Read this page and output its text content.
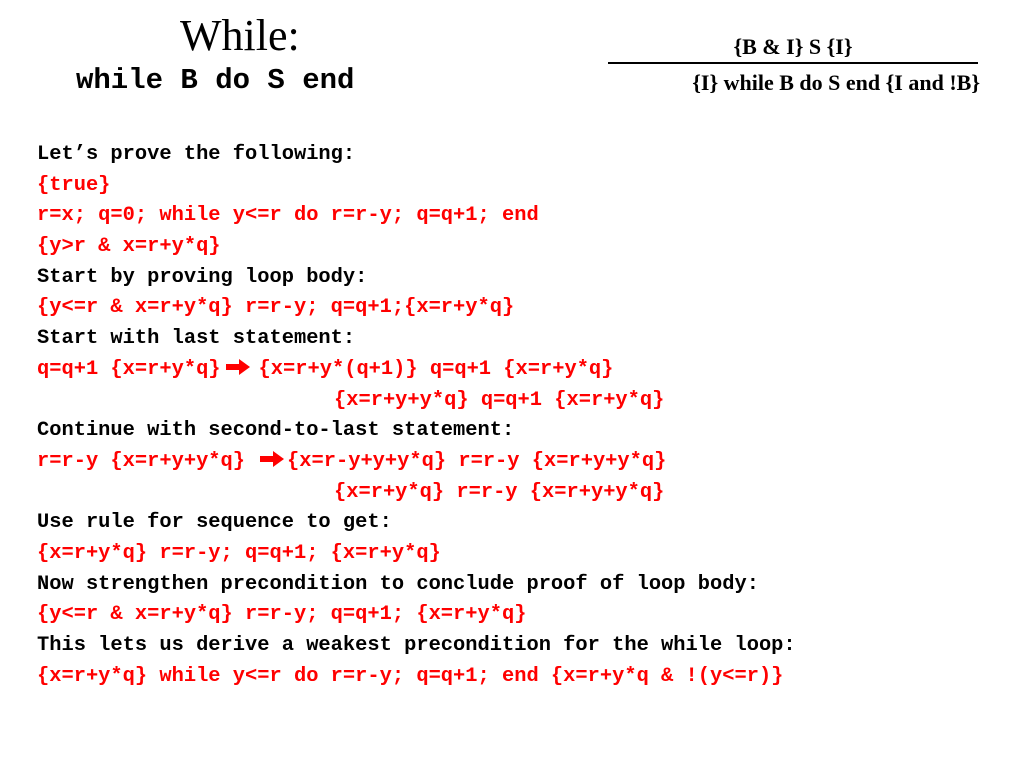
While:
while B do S end
{B & I} S {I}
{I} while B do S end {I and !B}
Let’s prove the following:
{true}
r=x; q=0; while y<=r do r=r-y; q=q+1; end
{y>r & x=r+y*q}
Start by proving loop body:
{y<=r & x=r+y*q} r=r-y; q=q+1;{x=r+y*q}
Start with last statement:
q=q+1 {x=r+y*q} {x=r+y*(q+1)} q=q+1 {x=r+y*q}
{x=r+y+y*q} q=q+1 {x=r+y*q}
Continue with second-to-last statement:
r=r-y {x=r+y+y*q} {x=r-y+y+y*q} r=r-y {x=r+y+y*q}
{x=r+y*q} r=r-y {x=r+y+y*q}
Use rule for sequence to get:
{x=r+y*q} r=r-y; q=q+1; {x=r+y*q}
Now strengthen precondition to conclude proof of loop body:
{y<=r & x=r+y*q} r=r-y; q=q+1; {x=r+y*q}
This lets us derive a weakest precondition for the while loop:
{x=r+y*q} while y<=r do r=r-y; q=q+1; end {x=r+y*q & !(y<=r)}
